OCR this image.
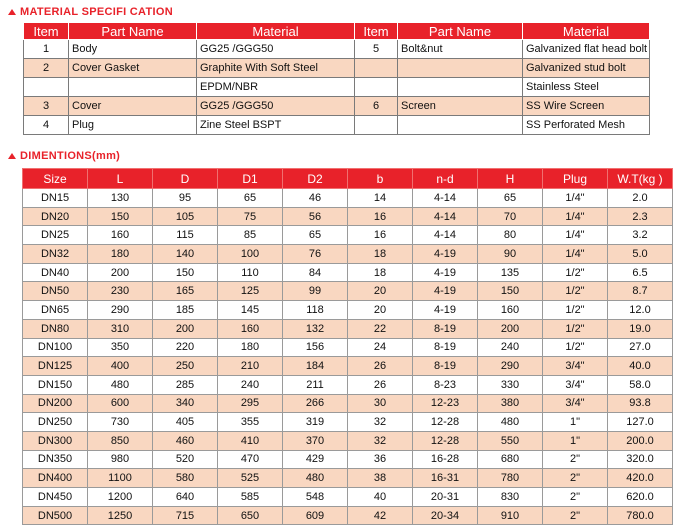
MATERIAL SPECIFI CATION
Item	Part Name	Material	Item	Part Name	Material
1	Body	GG25 /GGG50	5	Bolt&nut	Galvanized flat head bolt
2	Cover Gasket	Graphite With Soft Steel			Galvanized stud bolt
		EPDM/NBR			Stainless Steel
3	Cover	GG25 /GGG50	6	Screen	SS Wire Screen
4	Plug	Zine Steel BSPT			SS Perforated Mesh
DIMENTIONS(mm)
Size	L	D	D1	D2	b	n-d	H	Plug	W.T(kg )
DN15	130	95	65	46	14	4-14	65	1/4"	2.0
DN20	150	105	75	56	16	4-14	70	1/4"	2.3
DN25	160	115	85	65	16	4-14	80	1/4"	3.2
DN32	180	140	100	76	18	4-19	90	1/4"	5.0
DN40	200	150	110	84	18	4-19	135	1/2"	6.5
DN50	230	165	125	99	20	4-19	150	1/2"	8.7
DN65	290	185	145	118	20	4-19	160	1/2"	12.0
DN80	310	200	160	132	22	8-19	200	1/2"	19.0
DN100	350	220	180	156	24	8-19	240	1/2"	27.0
DN125	400	250	210	184	26	8-19	290	3/4"	40.0
DN150	480	285	240	211	26	8-23	330	3/4"	58.0
DN200	600	340	295	266	30	12-23	380	3/4"	93.8
DN250	730	405	355	319	32	12-28	480	1"	127.0
DN300	850	460	410	370	32	12-28	550	1"	200.0
DN350	980	520	470	429	36	16-28	680	2"	320.0
DN400	1100	580	525	480	38	16-31	780	2"	420.0
DN450	1200	640	585	548	40	20-31	830	2"	620.0
DN500	1250	715	650	609	42	20-34	910	2"	780.0
